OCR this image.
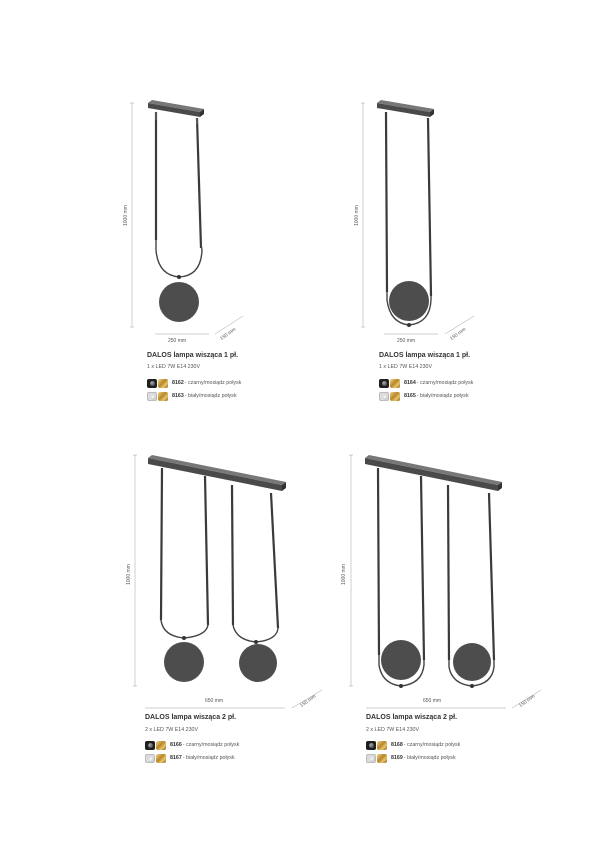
1000 mm
250 mm	150 mm
DALOS lampa wisząca 1 pł.
1 x LED 7W E14 230V
8162 - czarny/mosiądz połysk
8163 - biały/mosiądz połysk
1000 mm
250 mm	150 mm
DALOS lampa wisząca 1 pł.
1 x LED 7W E14 230V
8164 - czarny/mosiądz połysk
8165 - biały/mosiądz połysk
1000 mm
650 mm	150 mm
DALOS lampa wisząca 2 pł.
2 x LED 7W E14 230V
8166 - czarny/mosiądz połysk
8167 - biały/mosiądz połysk
1000 mm
650 mm	150 mm
DALOS lampa wisząca 2 pł.
2 x LED 7W E14 230V
8168 - czarny/mosiądz połysk
8169 - biały/mosiądz połysk
